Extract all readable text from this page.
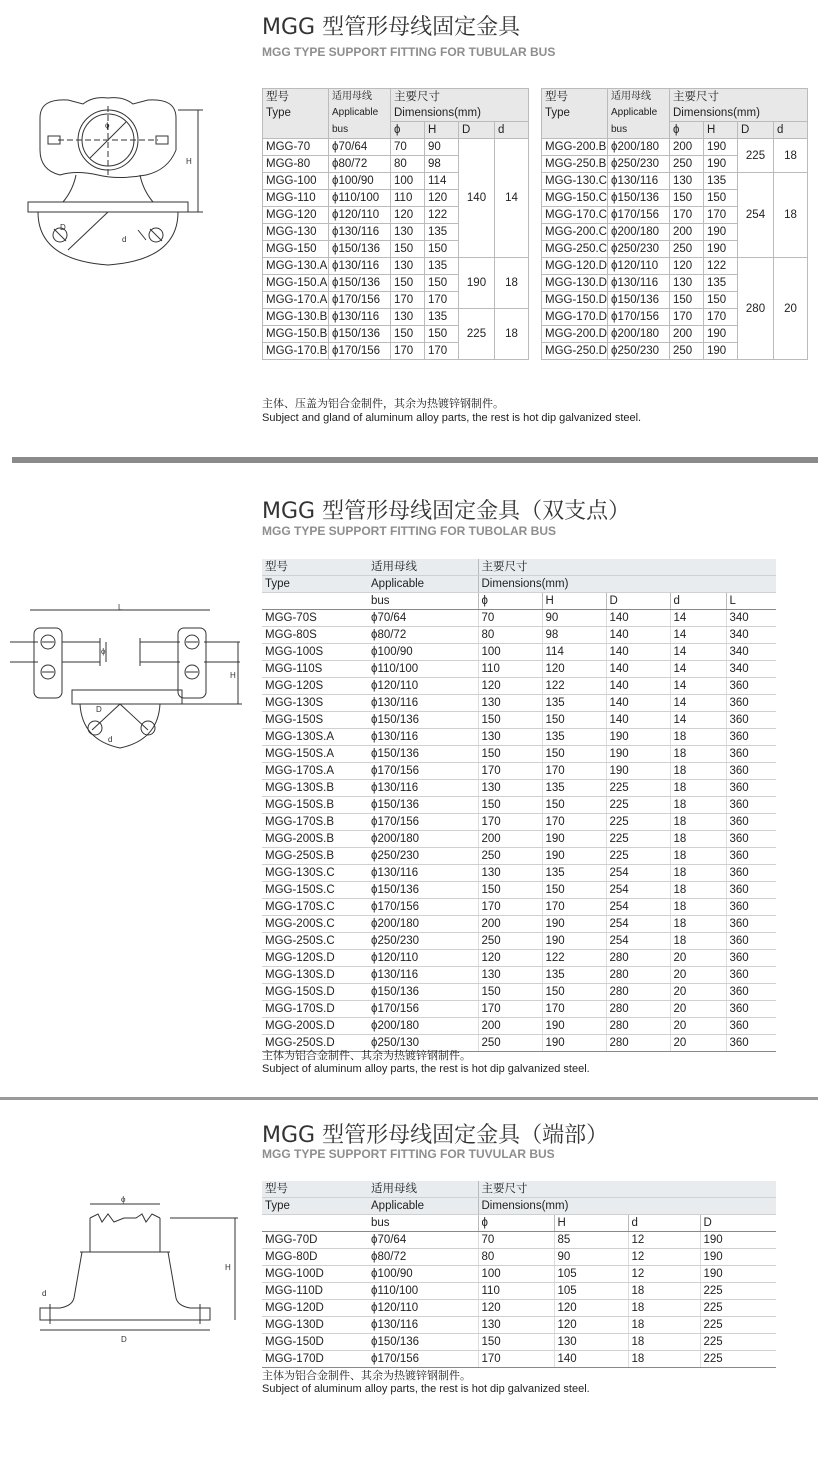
MGG 型管形母线固定金具
MGG TYPE SUPPORT FITTING FOR TUBULAR BUS
ϕ
H
D
d
型号	适用母线	主要尺寸			
Type	Applicable	Dimensions(mm)			
	bus	ϕ	H	D	d
MGG-70	ϕ70/64	70	90	140	14
MGG-80	ϕ80/72	80	98		
MGG-100	ϕ100/90	100	114		
MGG-110	ϕ110/100	110	120		
MGG-120	ϕ120/110	120	122		
MGG-130	ϕ130/116	130	135		
MGG-150	ϕ150/136	150	150		
MGG-130.A	ϕ130/116	130	135	190	18
MGG-150.A	ϕ150/136	150	150		
MGG-170.A	ϕ170/156	170	170		
MGG-130.B	ϕ130/116	130	135	225	18
MGG-150.B	ϕ150/136	150	150		
MGG-170.B	ϕ170/156	170	170		
型号	适用母线	主要尺寸			
Type	Applicable	Dimensions(mm)			
	bus	ϕ	H	D	d
MGG-200.B	ϕ200/180	200	190	225	18
MGG-250.B	ϕ250/230	250	190		
MGG-130.C	ϕ130/116	130	135	254	18
MGG-150.C	ϕ150/136	150	150		
MGG-170.C	ϕ170/156	170	170		
MGG-200.C	ϕ200/180	200	190		
MGG-250.C	ϕ250/230	250	190		
MGG-120.D	ϕ120/110	120	122	280	20
MGG-130.D	ϕ130/116	130	135		
MGG-150.D	ϕ150/136	150	150		
MGG-170.D	ϕ170/156	170	170		
MGG-200.D	ϕ200/180	200	190		
MGG-250.D	ϕ250/230	250	190		
主体、压盖为铝合金制件，其余为热镀锌钢制件。
Subject and gland of aluminum alloy parts, the rest is hot dip galvanized steel.
MGG 型管形母线固定金具（双支点）
MGG TYPE SUPPORT FITTING FOR TUBOLAR BUS
L
ϕ
D
d
H
型号	适用母线	主要尺寸				
Type	Applicable	Dimensions(mm)				
	bus	ϕ	H	D	d	L
MGG-70S	ϕ70/64	70	90	140	14	340
MGG-80S	ϕ80/72	80	98	140	14	340
MGG-100S	ϕ100/90	100	114	140	14	340
MGG-110S	ϕ110/100	110	120	140	14	340
MGG-120S	ϕ120/110	120	122	140	14	360
MGG-130S	ϕ130/116	130	135	140	14	360
MGG-150S	ϕ150/136	150	150	140	14	360
MGG-130S.A	ϕ130/116	130	135	190	18	360
MGG-150S.A	ϕ150/136	150	150	190	18	360
MGG-170S.A	ϕ170/156	170	170	190	18	360
MGG-130S.B	ϕ130/116	130	135	225	18	360
MGG-150S.B	ϕ150/136	150	150	225	18	360
MGG-170S.B	ϕ170/156	170	170	225	18	360
MGG-200S.B	ϕ200/180	200	190	225	18	360
MGG-250S.B	ϕ250/230	250	190	225	18	360
MGG-130S.C	ϕ130/116	130	135	254	18	360
MGG-150S.C	ϕ150/136	150	150	254	18	360
MGG-170S.C	ϕ170/156	170	170	254	18	360
MGG-200S.C	ϕ200/180	200	190	254	18	360
MGG-250S.C	ϕ250/230	250	190	254	18	360
MGG-120S.D	ϕ120/110	120	122	280	20	360
MGG-130S.D	ϕ130/116	130	135	280	20	360
MGG-150S.D	ϕ150/136	150	150	280	20	360
MGG-170S.D	ϕ170/156	170	170	280	20	360
MGG-200S.D	ϕ200/180	200	190	280	20	360
MGG-250S.D	ϕ250/130	250	190	280	20	360
主体为铝合金制件、其余为热镀锌钢制件。
Subject of aluminum alloy parts, the rest is hot dip galvanized steel.
MGG 型管形母线固定金具（端部）
MGG TYPE SUPPORT FITTING FOR TUVULAR BUS
ϕ
D
d
H
型号	适用母线	主要尺寸			
Type	Applicable	Dimensions(mm)			
	bus	ϕ	H	d	D
MGG-70D	ϕ70/64	70	85	12	190
MGG-80D	ϕ80/72	80	90	12	190
MGG-100D	ϕ100/90	100	105	12	190
MGG-110D	ϕ110/100	110	105	18	225
MGG-120D	ϕ120/110	120	120	18	225
MGG-130D	ϕ130/116	130	120	18	225
MGG-150D	ϕ150/136	150	130	18	225
MGG-170D	ϕ170/156	170	140	18	225
主体为铝合金制件、其余为热镀锌钢制件。
Subject of aluminum alloy parts, the rest is hot dip galvanized steel.
